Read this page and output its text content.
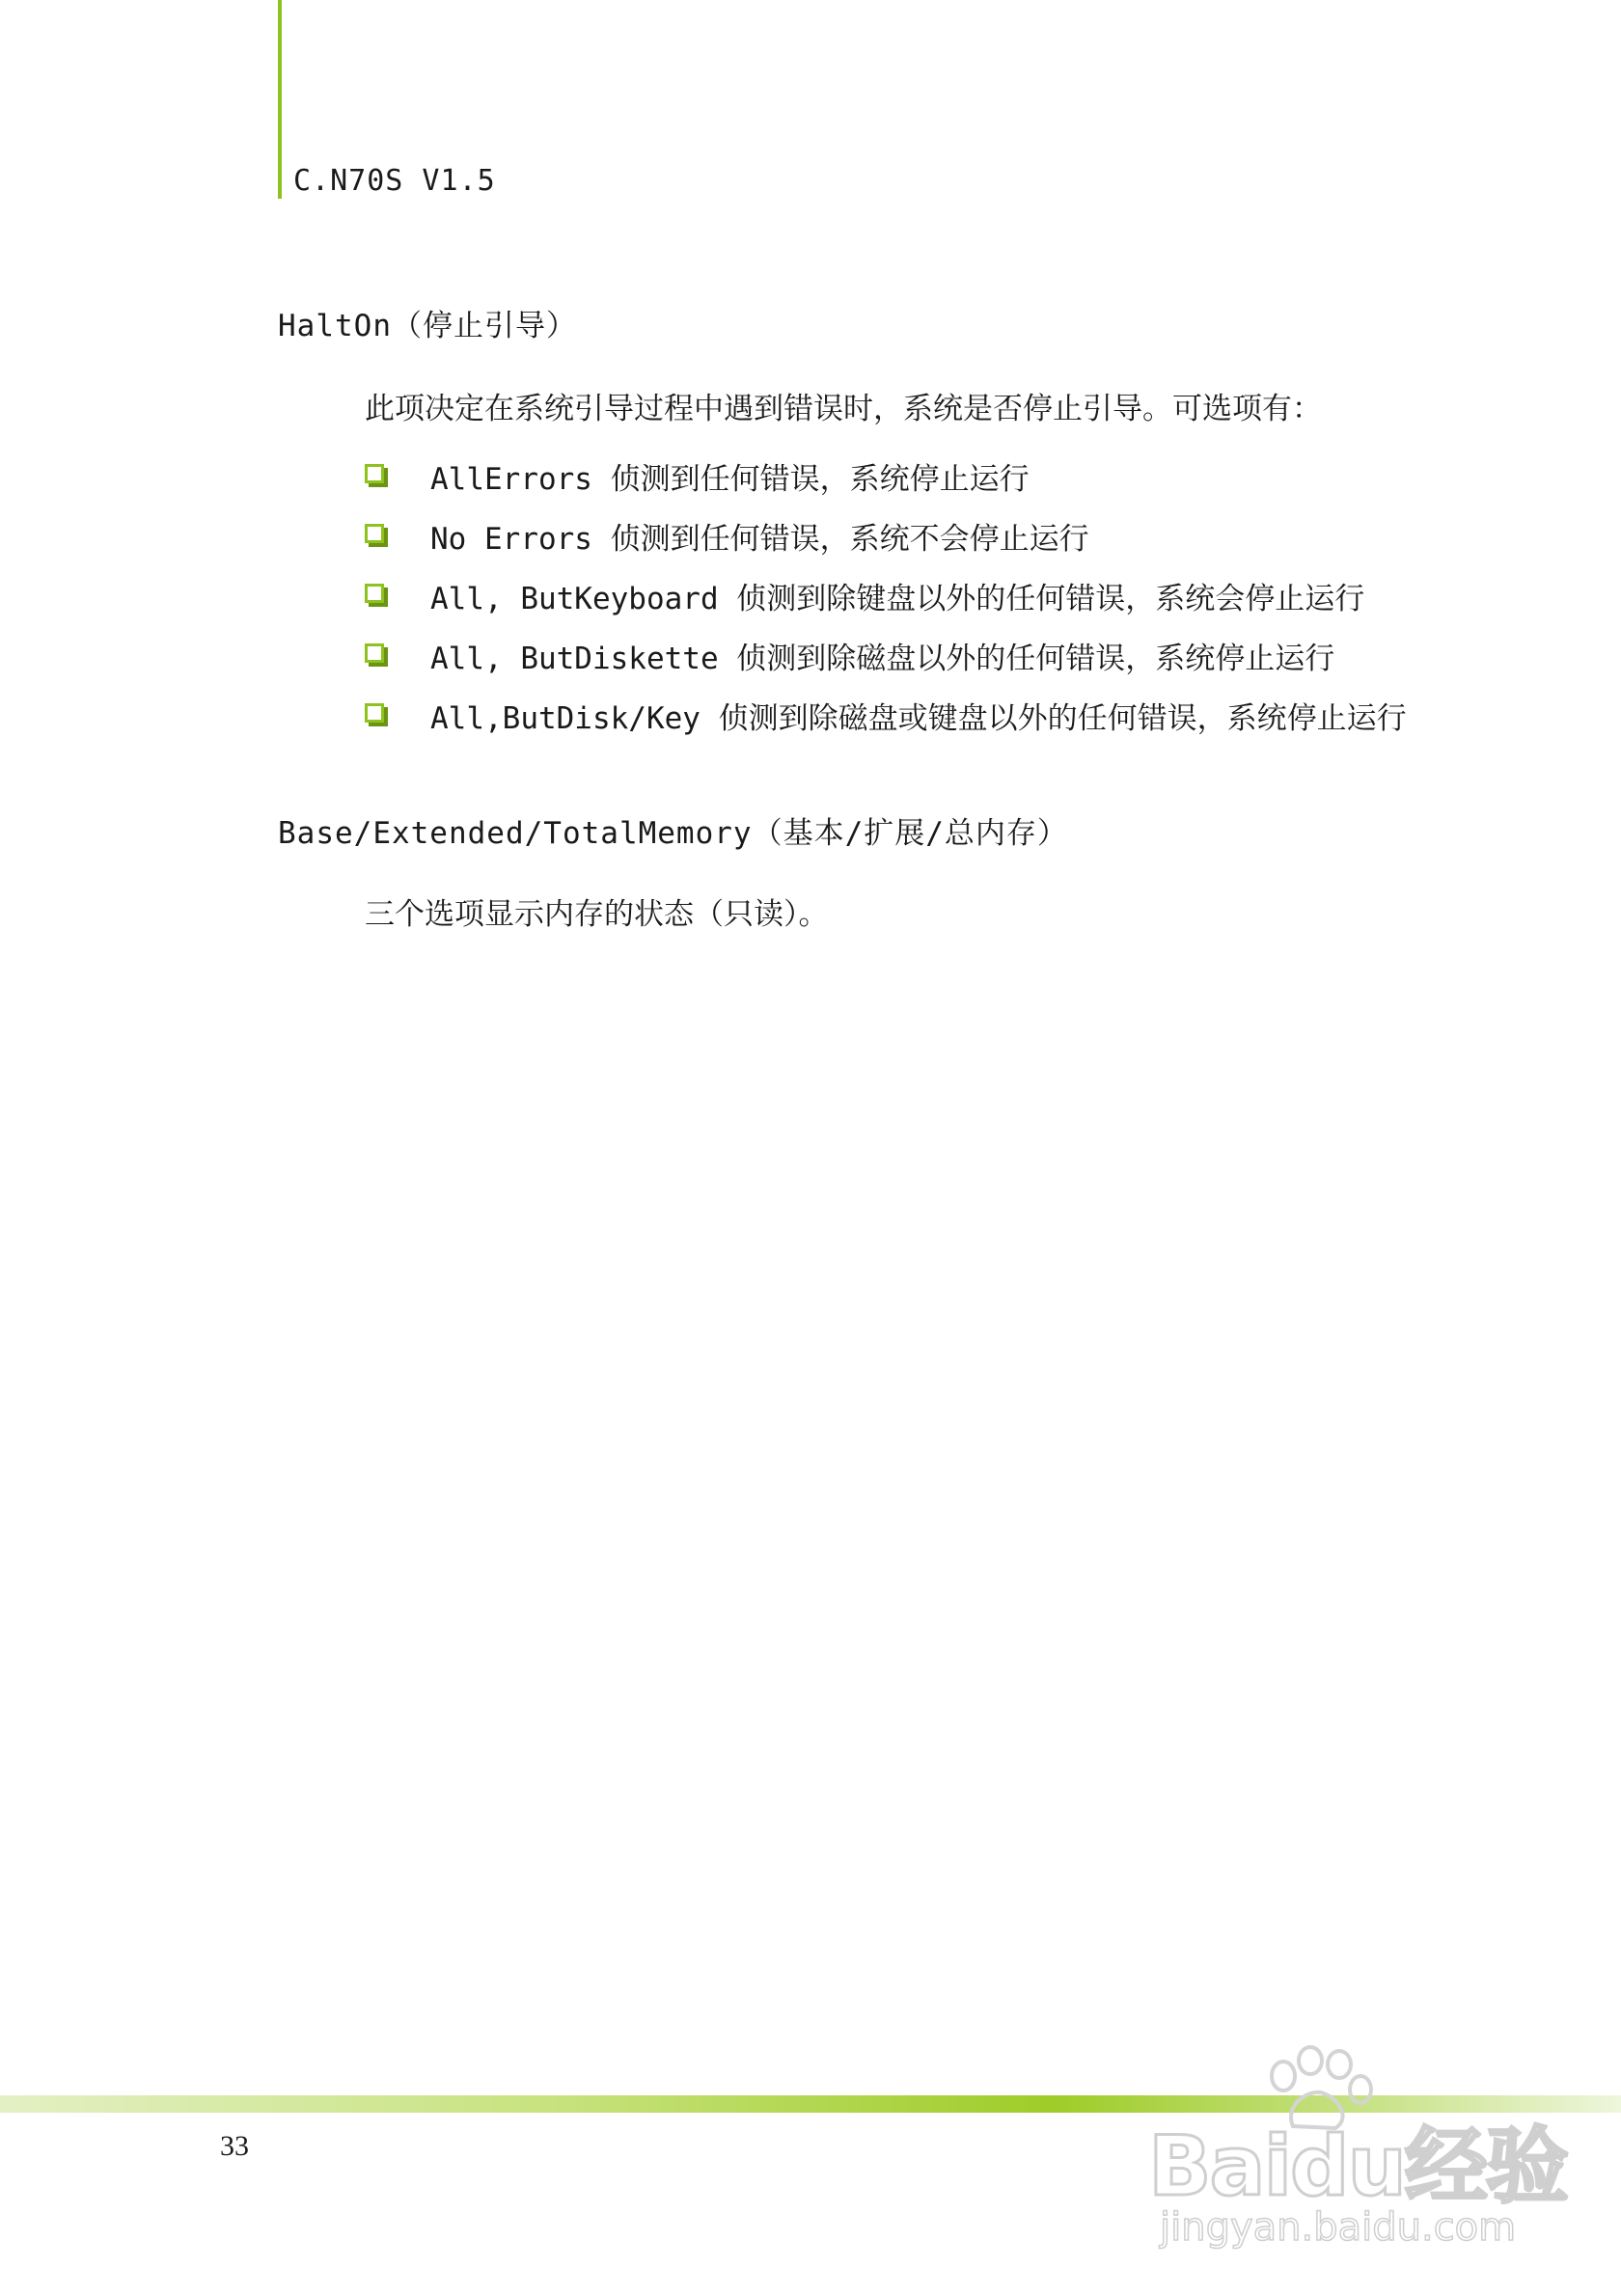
C.N70S V1.5
HaltOn（停止引导）
此项决定在系统引导过程中遇到错误时，系统是否停止引导。可选项有：
AllErrors 侦测到任何错误，系统停止运行
No Errors 侦测到任何错误，系统不会停止运行
All, ButKeyboard 侦测到除键盘以外的任何错误，系统会停止运行
All, ButDiskette 侦测到除磁盘以外的任何错误，系统停止运行
All,ButDisk/Key 侦测到除磁盘或键盘以外的任何错误，系统停止运行
Base/Extended/TotalMemory（基本/扩展/总内存）
三个选项显示内存的状态（只读）。
33	Baidu经验
jingyan.baidu.com
